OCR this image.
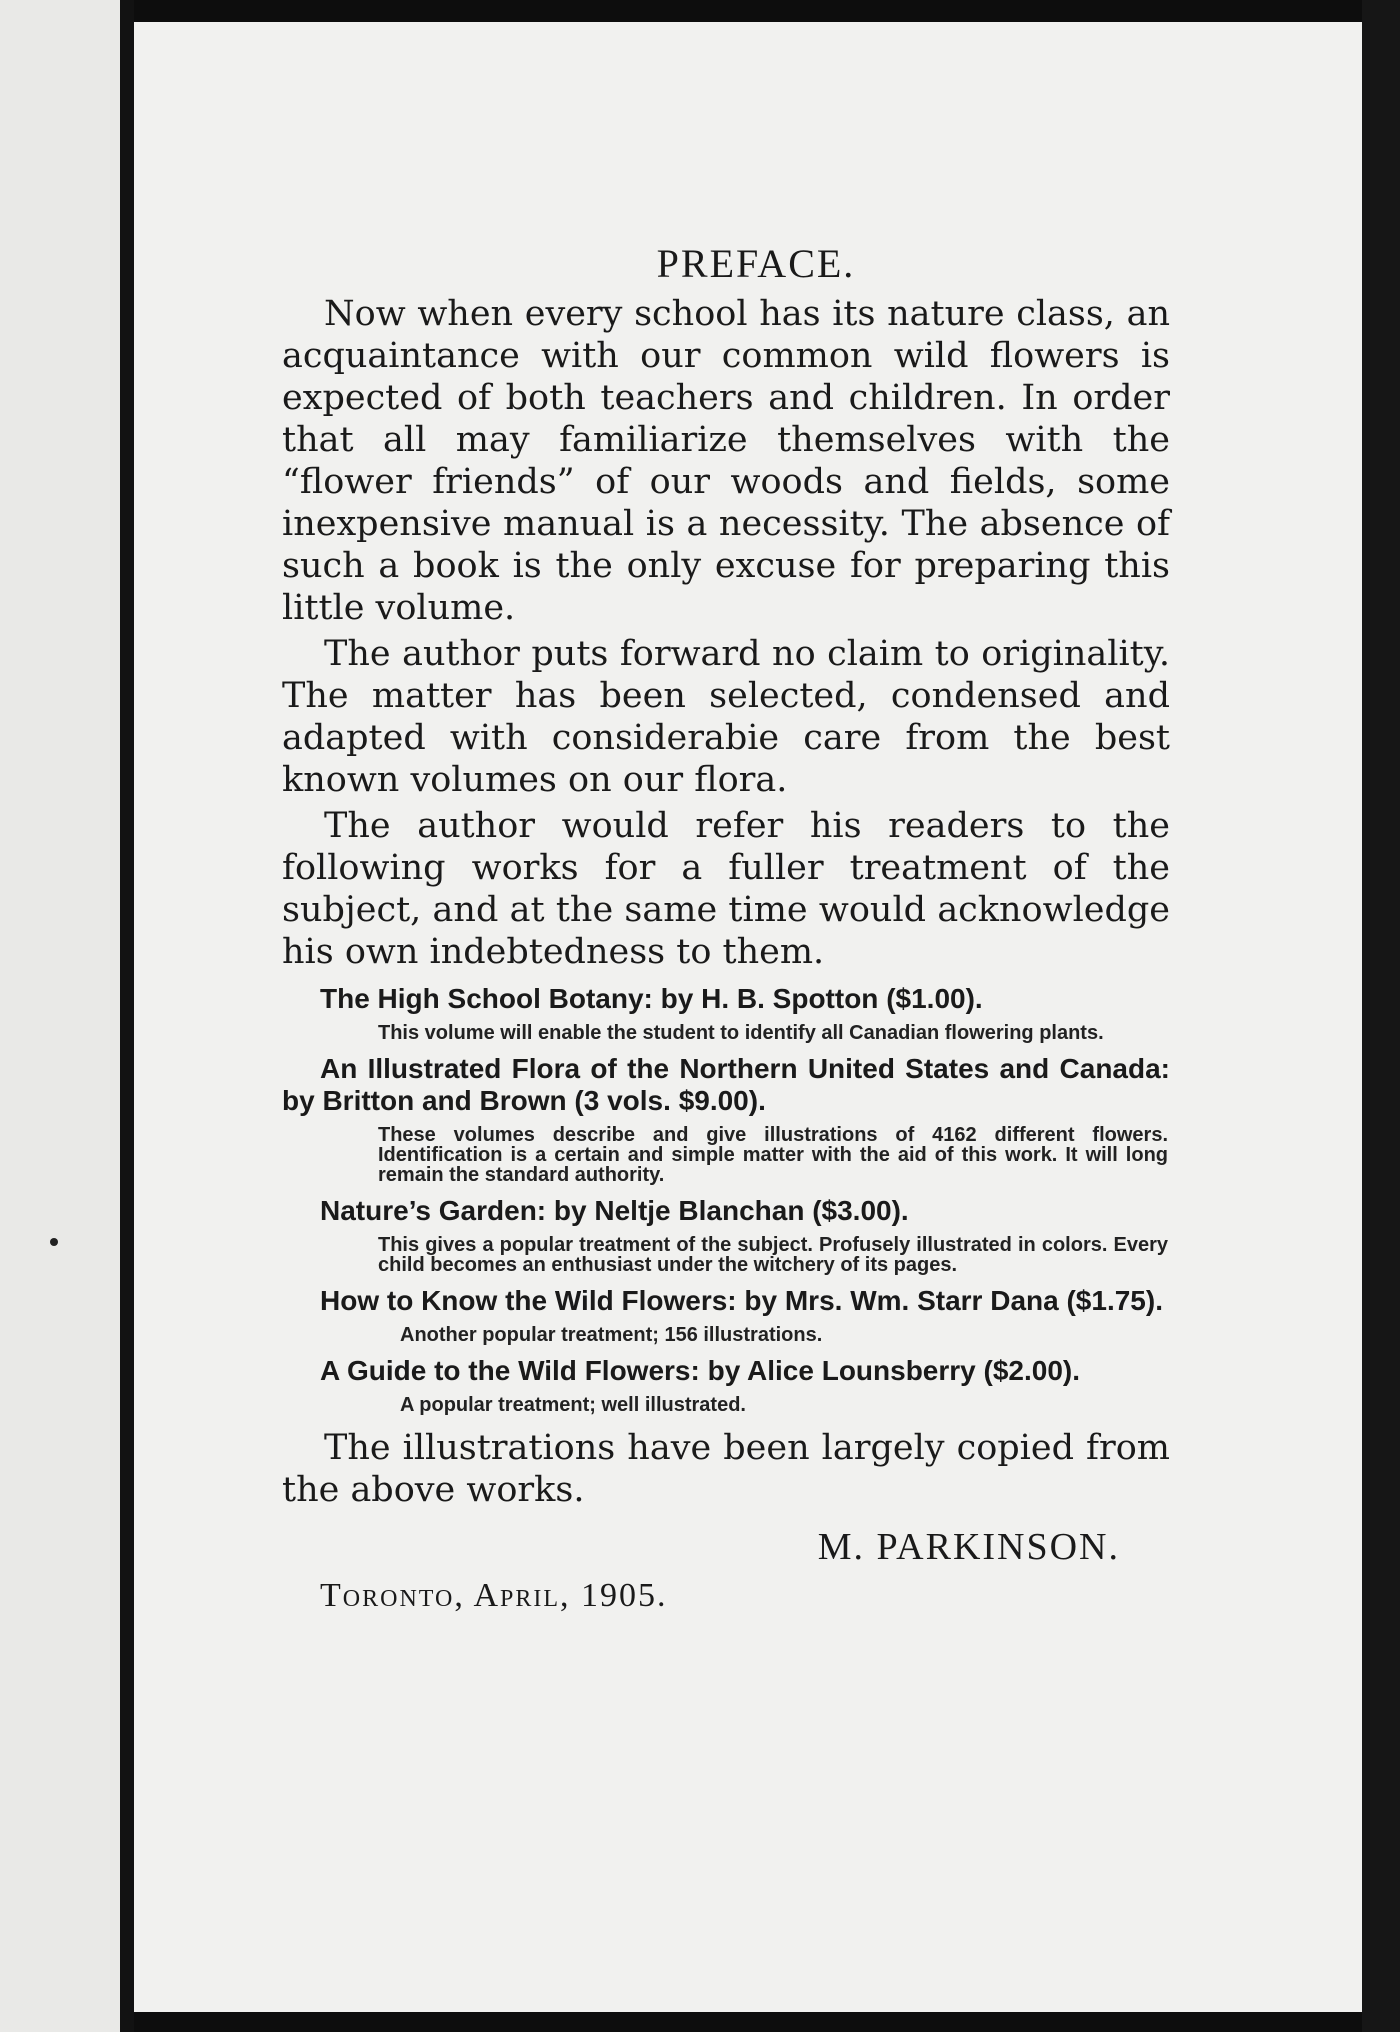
PREFACE.

Now when every school has its nature class, an acquaintance with our common wild flowers is expected of both teachers and children. In order that all may familiarize themselves with the “flower friends” of our woods and fields, some inexpensive manual is a necessity. The absence of such a book is the only excuse for preparing this little volume.

The author puts forward no claim to originality. The matter has been selected, condensed and adapted with considerabie care from the best known volumes on our flora.

The author would refer his readers to the following works for a fuller treatment of the subject, and at the same time would acknowledge his own indebtedness to them.

The High School Botany: by H. B. Spotton ($1.00).
This volume will enable the student to identify all Canadian flowering plants.
An Illustrated Flora of the Northern United States and Canada: by Britton and Brown (3 vols. $9.00).
These volumes describe and give illustrations of 4162 different flowers. Identification is a certain and simple matter with the aid of this work. It will long remain the standard authority.
Nature’s Garden: by Neltje Blanchan ($3.00).
This gives a popular treatment of the subject. Profusely illustrated in colors. Every child becomes an enthusiast under the witchery of its pages.
How to Know the Wild Flowers: by Mrs. Wm. Starr Dana ($1.75).
Another popular treatment; 156 illustrations.
A Guide to the Wild Flowers: by Alice Lounsberry ($2.00).
A popular treatment; well illustrated.

The illustrations have been largely copied from the above works.

M. PARKINSON.
Toronto, April, 1905.
